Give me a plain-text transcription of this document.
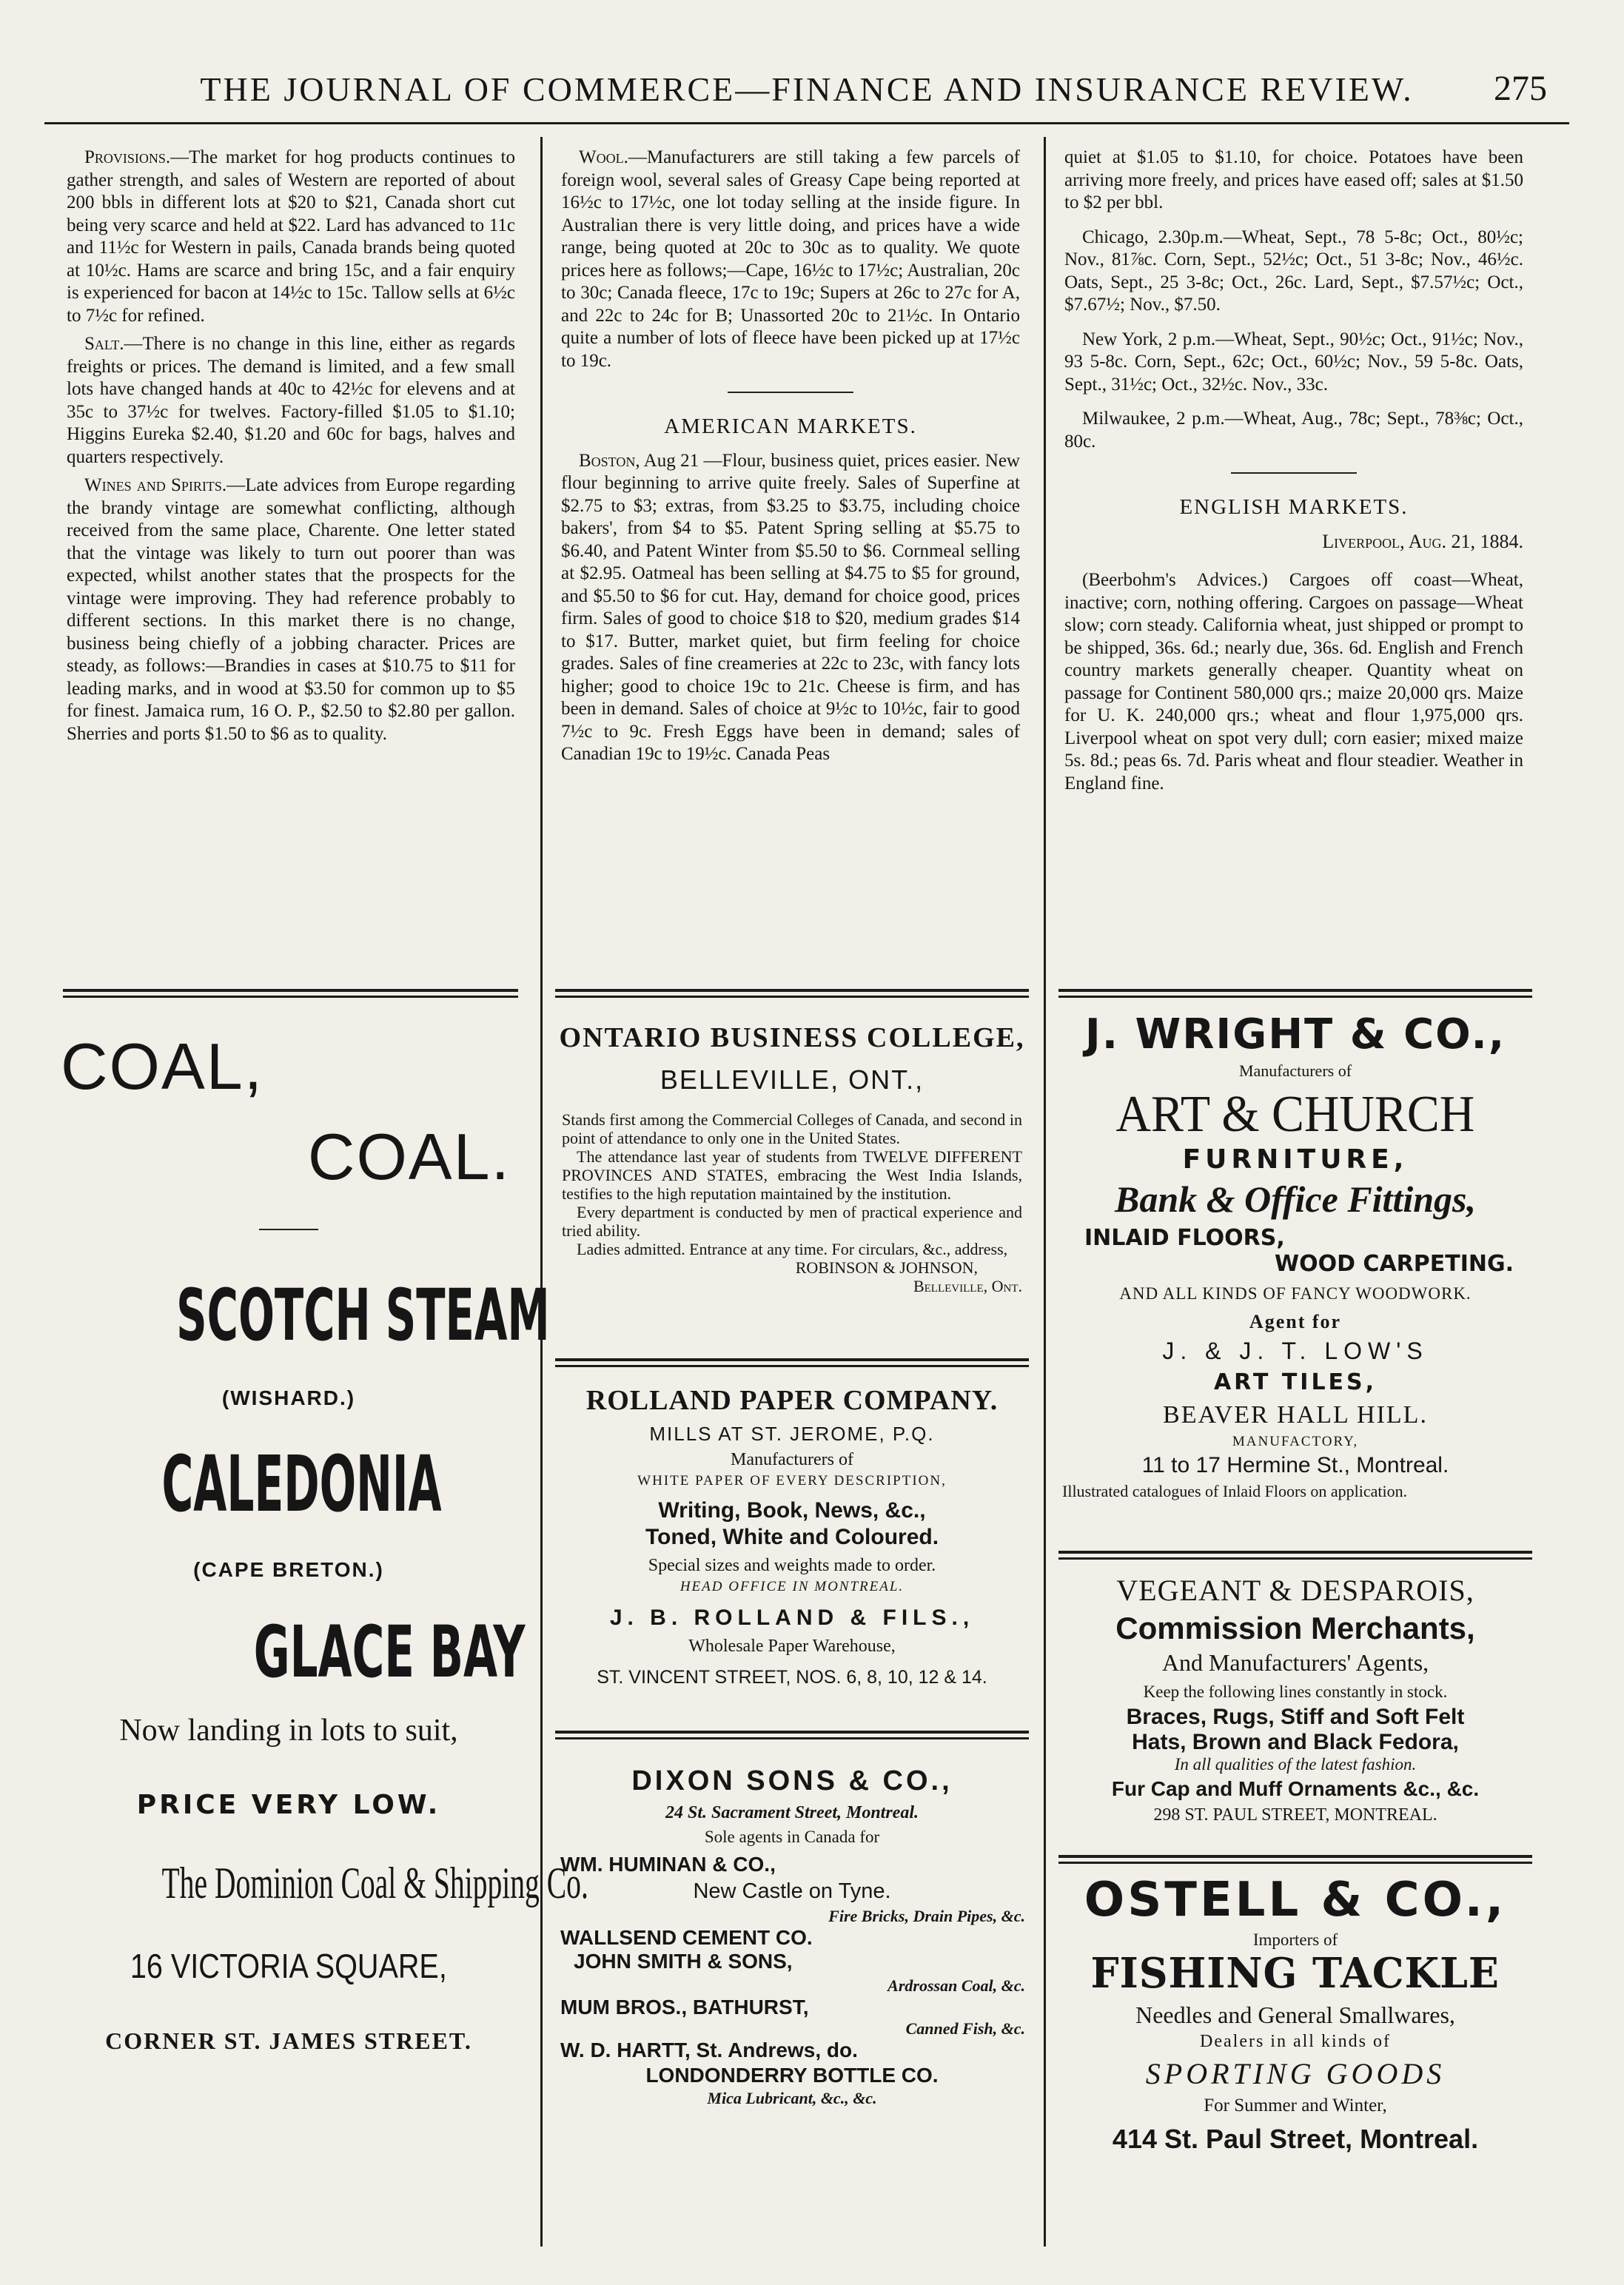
THE JOURNAL OF COMMERCE—FINANCE AND INSURANCE REVIEW. 275

Provisions.—The market for hog products continues to gather strength, and sales of Western are reported of about 200 bbls in different lots at $20 to $21, Canada short cut being very scarce and held at $22. Lard has advanced to 11c and 11½c for Western in pails, Canada brands being quoted at 10½c. Hams are scarce and bring 15c, and a fair enquiry is experienced for bacon at 14½c to 15c. Tallow sells at 6½c to 7½c for refined.

Salt.—There is no change in this line, either as regards freights or prices. The demand is limited, and a few small lots have changed hands at 40c to 42½c for elevens and at 35c to 37½c for twelves. Factory-filled $1.05 to $1.10; Higgins Eureka $2.40, $1.20 and 60c for bags, halves and quarters respectively.

Wines and Spirits.—Late advices from Europe regarding the brandy vintage are somewhat conflicting, although received from the same place, Charente. One letter stated that the vintage was likely to turn out poorer than was expected, whilst another states that the prospects for the vintage were improving. They had reference probably to different sections. In this market there is no change, business being chiefly of a jobbing character. Prices are steady, as follows:—Brandies in cases at $10.75 to $11 for leading marks, and in wood at $3.50 for common up to $5 for finest. Jamaica rum, 16 O. P., $2.50 to $2.80 per gallon. Sherries and ports $1.50 to $6 as to quality.

Wool.—Manufacturers are still taking a few parcels of foreign wool, several sales of Greasy Cape being reported at 16½c to 17½c, one lot today selling at the inside figure. In Australian there is very little doing, and prices have a wide range, being quoted at 20c to 30c as to quality. We quote prices here as follows;—Cape, 16½c to 17½c; Australian, 20c to 30c; Canada fleece, 17c to 19c; Supers at 26c to 27c for A, and 22c to 24c for B; Unassorted 20c to 21½c. In Ontario quite a number of lots of fleece have been picked up at 17½c to 19c.

AMERICAN MARKETS.

Boston, Aug 21 —Flour, business quiet, prices easier. New flour beginning to arrive quite freely. Sales of Superfine at $2.75 to $3; extras, from $3.25 to $3.75, including choice bakers', from $4 to $5. Patent Spring selling at $5.75 to $6.40, and Patent Winter from $5.50 to $6. Cornmeal selling at $2.95. Oatmeal has been selling at $4.75 to $5 for ground, and $5.50 to $6 for cut. Hay, demand for choice good, prices firm. Sales of good to choice $18 to $20, medium grades $14 to $17. Butter, market quiet, but firm feeling for choice grades. Sales of fine creameries at 22c to 23c, with fancy lots higher; good to choice 19c to 21c. Cheese is firm, and has been in demand. Sales of choice at 9½c to 10½c, fair to good 7½c to 9c. Fresh Eggs have been in demand; sales of Canadian 19c to 19½c. Canada Peas

quiet at $1.05 to $1.10, for choice. Potatoes have been arriving more freely, and prices have eased off; sales at $1.50 to $2 per bbl.

Chicago, 2.30p.m.—Wheat, Sept., 78 5-8c; Oct., 80½c; Nov., 81⅞c. Corn, Sept., 52½c; Oct., 51 3-8c; Nov., 46½c. Oats, Sept., 25 3-8c; Oct., 26c. Lard, Sept., $7.57½c; Oct., $7.67½; Nov., $7.50.

New York, 2 p.m.—Wheat, Sept., 90½c; Oct., 91½c; Nov., 93 5-8c. Corn, Sept., 62c; Oct., 60½c; Nov., 59 5-8c. Oats, Sept., 31½c; Oct., 32½c. Nov., 33c.

Milwaukee, 2 p.m.—Wheat, Aug., 78c; Sept., 78⅜c; Oct., 80c.

ENGLISH MARKETS.
Liverpool, Aug. 21, 1884.

(Beerbohm's Advices.) Cargoes off coast—Wheat, inactive; corn, nothing offering. Cargoes on passage—Wheat slow; corn steady. California wheat, just shipped or prompt to be shipped, 36s. 6d.; nearly due, 36s. 6d. English and French country markets generally cheaper. Quantity wheat on passage for Continent 580,000 qrs.; maize 20,000 qrs. Maize for U. K. 240,000 qrs.; wheat and flour 1,975,000 qrs. Liverpool wheat on spot very dull; corn easier; mixed maize 5s. 8d.; peas 6s. 7d. Paris wheat and flour steadier. Weather in England fine.

COAL,
COAL.
SCOTCH STEAM
(WISHARD.)
CALEDONIA
(CAPE BRETON.)
GLACE BAY
Now landing in lots to suit,
PRICE VERY LOW.
The Dominion Coal & Shipping Co.
16 VICTORIA SQUARE,
CORNER ST. JAMES STREET.
ONTARIO BUSINESS COLLEGE,
BELLEVILLE, ONT.,
Stands first among the Commercial Colleges of Canada, and second in point of attendance to only one in the United States.
The attendance last year of students from TWELVE DIFFERENT PROVINCES AND STATES, embracing the West India Islands, testifies to the high reputation maintained by the institution.
Every department is conducted by men of practical experience and tried ability.
Ladies admitted. Entrance at any time. For circulars, &c., address,
ROBINSON & JOHNSON,
Belleville, Ont.
ROLLAND PAPER COMPANY.
MILLS AT ST. JEROME, P.Q.
Manufacturers of
WHITE PAPER OF EVERY DESCRIPTION,
Writing, Book, News, &c.,
Toned, White and Coloured.
Special sizes and weights made to order.
HEAD OFFICE IN MONTREAL.
J. B. ROLLAND & FILS.,
Wholesale Paper Warehouse,
ST. VINCENT STREET, NOS. 6, 8, 10, 12 & 14.
DIXON SONS & CO.,
24 St. Sacrament Street, Montreal.
Sole agents in Canada for
WM. HUMINAN & CO.,
New Castle on Tyne.
Fire Bricks, Drain Pipes, &c.
WALLSEND CEMENT CO.
JOHN SMITH & SONS,
Ardrossan Coal, &c.
MUM BROS., BATHURST,
Canned Fish, &c.
W. D. HARTT, St. Andrews, do.
LONDONDERRY BOTTLE CO.
Mica Lubricant, &c., &c.
J. WRIGHT & CO.,
Manufacturers of
ART & CHURCH
FURNITURE,
Bank & Office Fittings,
INLAID FLOORS,
WOOD CARPETING.
AND ALL KINDS OF FANCY WOODWORK.
Agent for
J. & J. T. LOW'S
ART TILES,
BEAVER HALL HILL.
MANUFACTORY,
11 to 17 Hermine St., Montreal.
Illustrated catalogues of Inlaid Floors on application.
VEGEANT & DESPAROIS,
Commission Merchants,
And Manufacturers' Agents,
Keep the following lines constantly in stock.
Braces, Rugs, Stiff and Soft Felt
Hats, Brown and Black Fedora,
In all qualities of the latest fashion.
Fur Cap and Muff Ornaments &c., &c.
298 ST. PAUL STREET, MONTREAL.
OSTELL & CO.,
Importers of
FISHING TACKLE
Needles and General Smallwares,
Dealers in all kinds of
SPORTING GOODS
For Summer and Winter,
414 St. Paul Street, Montreal.
